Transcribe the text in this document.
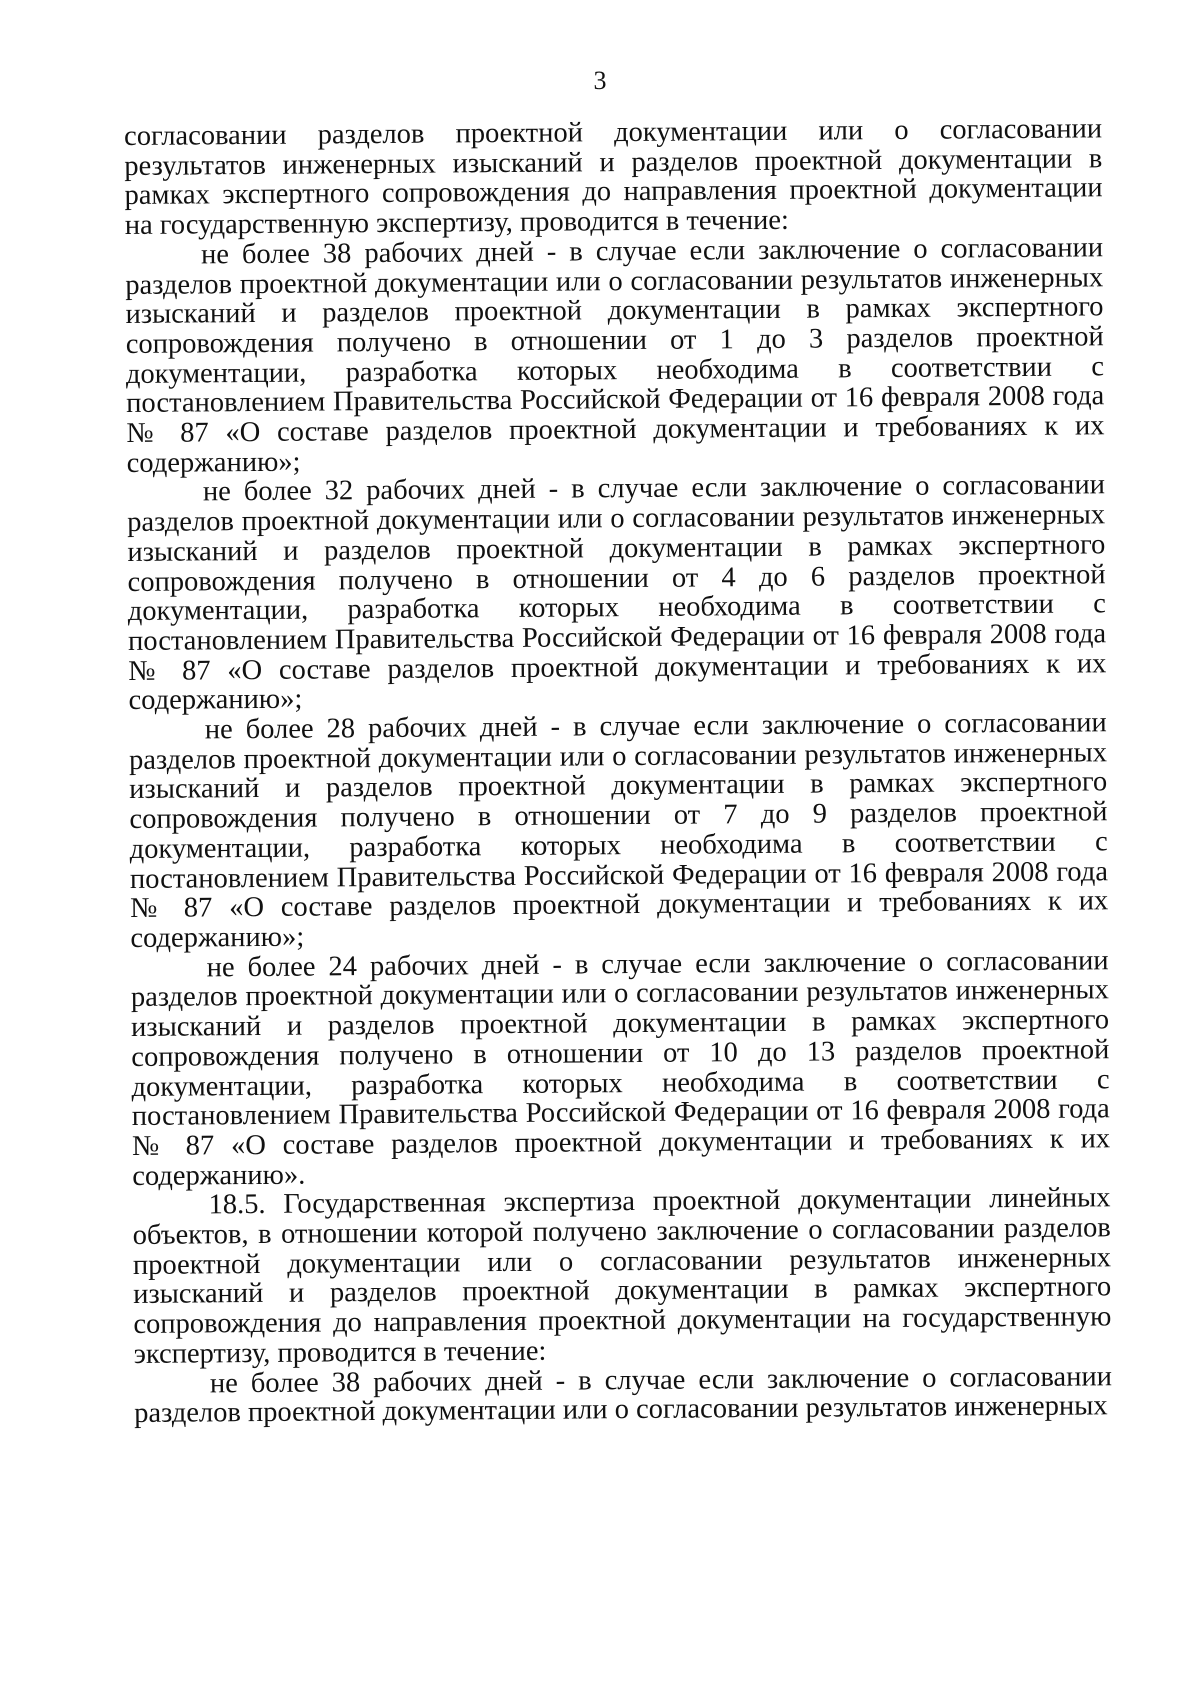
3

согласовании разделов проектной документации или о согласовании результатов инженерных изысканий и разделов проектной документации в рамках экспертного сопровождения до направления проектной документации на государственную экспертизу, проводится в течение:

не более 38 рабочих дней - в случае если заключение о согласовании разделов проектной документации или о согласовании результатов инженерных изысканий и разделов проектной документации в рамках экспертного сопровождения получено в отношении от 1 до 3 разделов проектной документации, разработка которых необходима в соответствии с постановлением Правительства Российской Федерации от 16 февраля 2008 года № 87 «О составе разделов проектной документации и требованиях к их содержанию»;

не более 32 рабочих дней - в случае если заключение о согласовании разделов проектной документации или о согласовании результатов инженерных изысканий и разделов проектной документации в рамках экспертного сопровождения получено в отношении от 4 до 6 разделов проектной документации, разработка которых необходима в соответствии с постановлением Правительства Российской Федерации от 16 февраля 2008 года № 87 «О составе разделов проектной документации и требованиях к их содержанию»;

не более 28 рабочих дней - в случае если заключение о согласовании разделов проектной документации или о согласовании результатов инженерных изысканий и разделов проектной документации в рамках экспертного сопровождения получено в отношении от 7 до 9 разделов проектной документации, разработка которых необходима в соответствии с постановлением Правительства Российской Федерации от 16 февраля 2008 года № 87 «О составе разделов проектной документации и требованиях к их содержанию»;

не более 24 рабочих дней - в случае если заключение о согласовании разделов проектной документации или о согласовании результатов инженерных изысканий и разделов проектной документации в рамках экспертного сопровождения получено в отношении от 10 до 13 разделов проектной документации, разработка которых необходима в соответствии с постановлением Правительства Российской Федерации от 16 февраля 2008 года № 87 «О составе разделов проектной документации и требованиях к их содержанию».

18.5. Государственная экспертиза проектной документации линейных объектов, в отношении которой получено заключение о согласовании разделов проектной документации или о согласовании результатов инженерных изысканий и разделов проектной документации в рамках экспертного сопровождения до направления проектной документации на государственную экспертизу, проводится в течение:

не более 38 рабочих дней - в случае если заключение о согласовании разделов проектной документации или о согласовании результатов инженерных
